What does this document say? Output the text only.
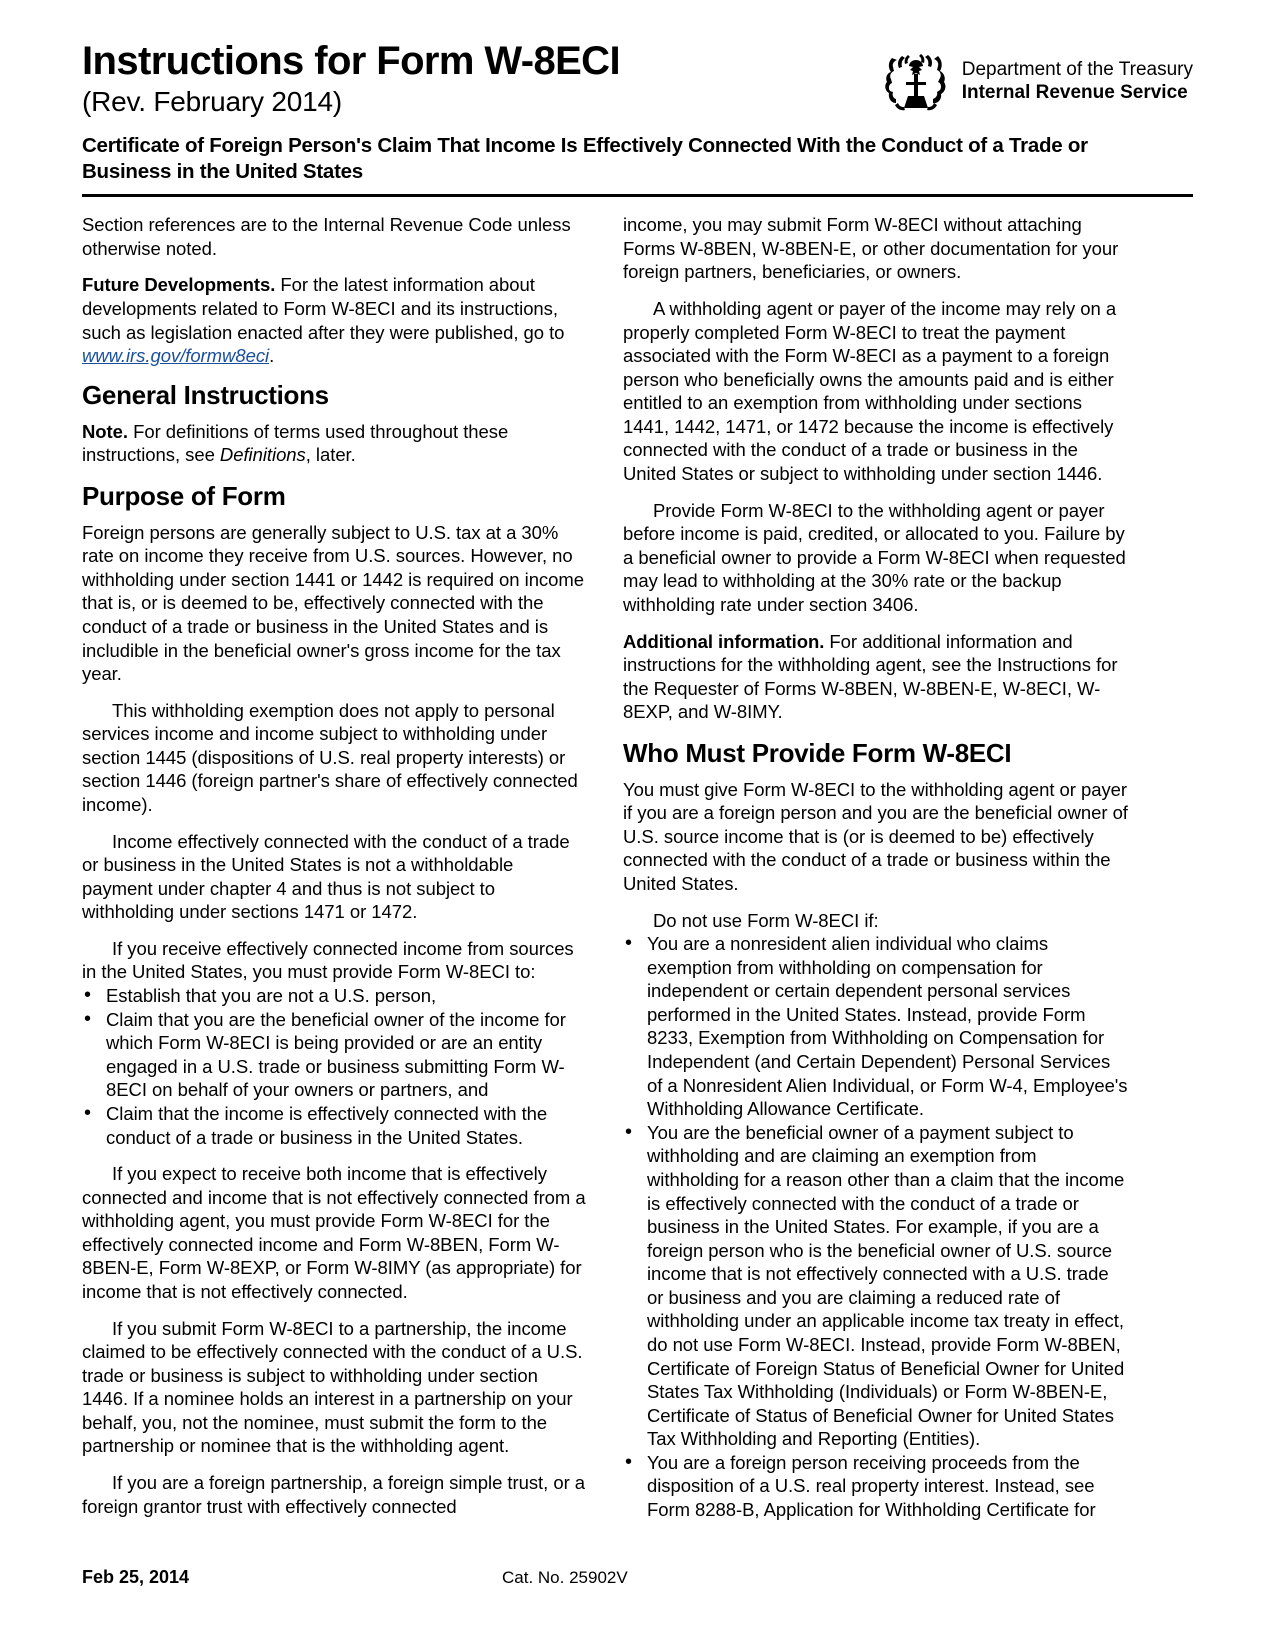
Instructions for Form W-8ECI

(Rev. February 2014)

Department of the Treasury
Internal Revenue Service
Certificate of Foreign Person's Claim That Income Is Effectively Connected With the Conduct of a Trade or Business in the United States

Section references are to the Internal Revenue Code unless otherwise noted.

Future Developments. For the latest information about developments related to Form W-8ECI and its instructions, such as legislation enacted after they were published, go to www.irs.gov/formw8eci.

General Instructions

Note. For definitions of terms used throughout these instructions, see Definitions, later.

Purpose of Form

Foreign persons are generally subject to U.S. tax at a 30% rate on income they receive from U.S. sources. However, no withholding under section 1441 or 1442 is required on income that is, or is deemed to be, effectively connected with the conduct of a trade or business in the United States and is includible in the beneficial owner's gross income for the tax year.

This withholding exemption does not apply to personal services income and income subject to withholding under section 1445 (dispositions of U.S. real property interests) or section 1446 (foreign partner's share of effectively connected income).

Income effectively connected with the conduct of a trade or business in the United States is not a withholdable payment under chapter 4 and thus is not subject to withholding under sections 1471 or 1472.

If you receive effectively connected income from sources in the United States, you must provide Form W-8ECI to:

• Establish that you are not a U.S. person,

• Claim that you are the beneficial owner of the income for which Form W-8ECI is being provided or are an entity engaged in a U.S. trade or business submitting Form W-8ECI on behalf of your owners or partners, and

• Claim that the income is effectively connected with the conduct of a trade or business in the United States.

If you expect to receive both income that is effectively connected and income that is not effectively connected from a withholding agent, you must provide Form W-8ECI for the effectively connected income and Form W-8BEN, Form W-8BEN-E, Form W-8EXP, or Form W-8IMY (as appropriate) for income that is not effectively connected.

If you submit Form W-8ECI to a partnership, the income claimed to be effectively connected with the conduct of a U.S. trade or business is subject to withholding under section 1446. If a nominee holds an interest in a partnership on your behalf, you, not the nominee, must submit the form to the partnership or nominee that is the withholding agent.

If you are a foreign partnership, a foreign simple trust, or a foreign grantor trust with effectively connected

income, you may submit Form W-8ECI without attaching Forms W-8BEN, W-8BEN-E, or other documentation for your foreign partners, beneficiaries, or owners.

A withholding agent or payer of the income may rely on a properly completed Form W-8ECI to treat the payment associated with the Form W-8ECI as a payment to a foreign person who beneficially owns the amounts paid and is either entitled to an exemption from withholding under sections 1441, 1442, 1471, or 1472 because the income is effectively connected with the conduct of a trade or business in the United States or subject to withholding under section 1446.

Provide Form W-8ECI to the withholding agent or payer before income is paid, credited, or allocated to you. Failure by a beneficial owner to provide a Form W-8ECI when requested may lead to withholding at the 30% rate or the backup withholding rate under section 3406.

Additional information. For additional information and instructions for the withholding agent, see the Instructions for the Requester of Forms W-8BEN, W-8BEN-E, W-8ECI, W-8EXP, and W-8IMY.

Who Must Provide Form W-8ECI

You must give Form W-8ECI to the withholding agent or payer if you are a foreign person and you are the beneficial owner of U.S. source income that is (or is deemed to be) effectively connected with the conduct of a trade or business within the United States.

Do not use Form W-8ECI if:

• You are a nonresident alien individual who claims exemption from withholding on compensation for independent or certain dependent personal services performed in the United States. Instead, provide Form 8233, Exemption from Withholding on Compensation for Independent (and Certain Dependent) Personal Services of a Nonresident Alien Individual, or Form W-4, Employee's Withholding Allowance Certificate.

• You are the beneficial owner of a payment subject to withholding and are claiming an exemption from withholding for a reason other than a claim that the income is effectively connected with the conduct of a trade or business in the United States. For example, if you are a foreign person who is the beneficial owner of U.S. source income that is not effectively connected with a U.S. trade or business and you are claiming a reduced rate of withholding under an applicable income tax treaty in effect, do not use Form W-8ECI. Instead, provide Form W-8BEN, Certificate of Foreign Status of Beneficial Owner for United States Tax Withholding (Individuals) or Form W-8BEN-E, Certificate of Status of Beneficial Owner for United States Tax Withholding and Reporting (Entities).

• You are a foreign person receiving proceeds from the disposition of a U.S. real property interest. Instead, see Form 8288-B, Application for Withholding Certificate for

Feb 25, 2014	Cat. No. 25902V
